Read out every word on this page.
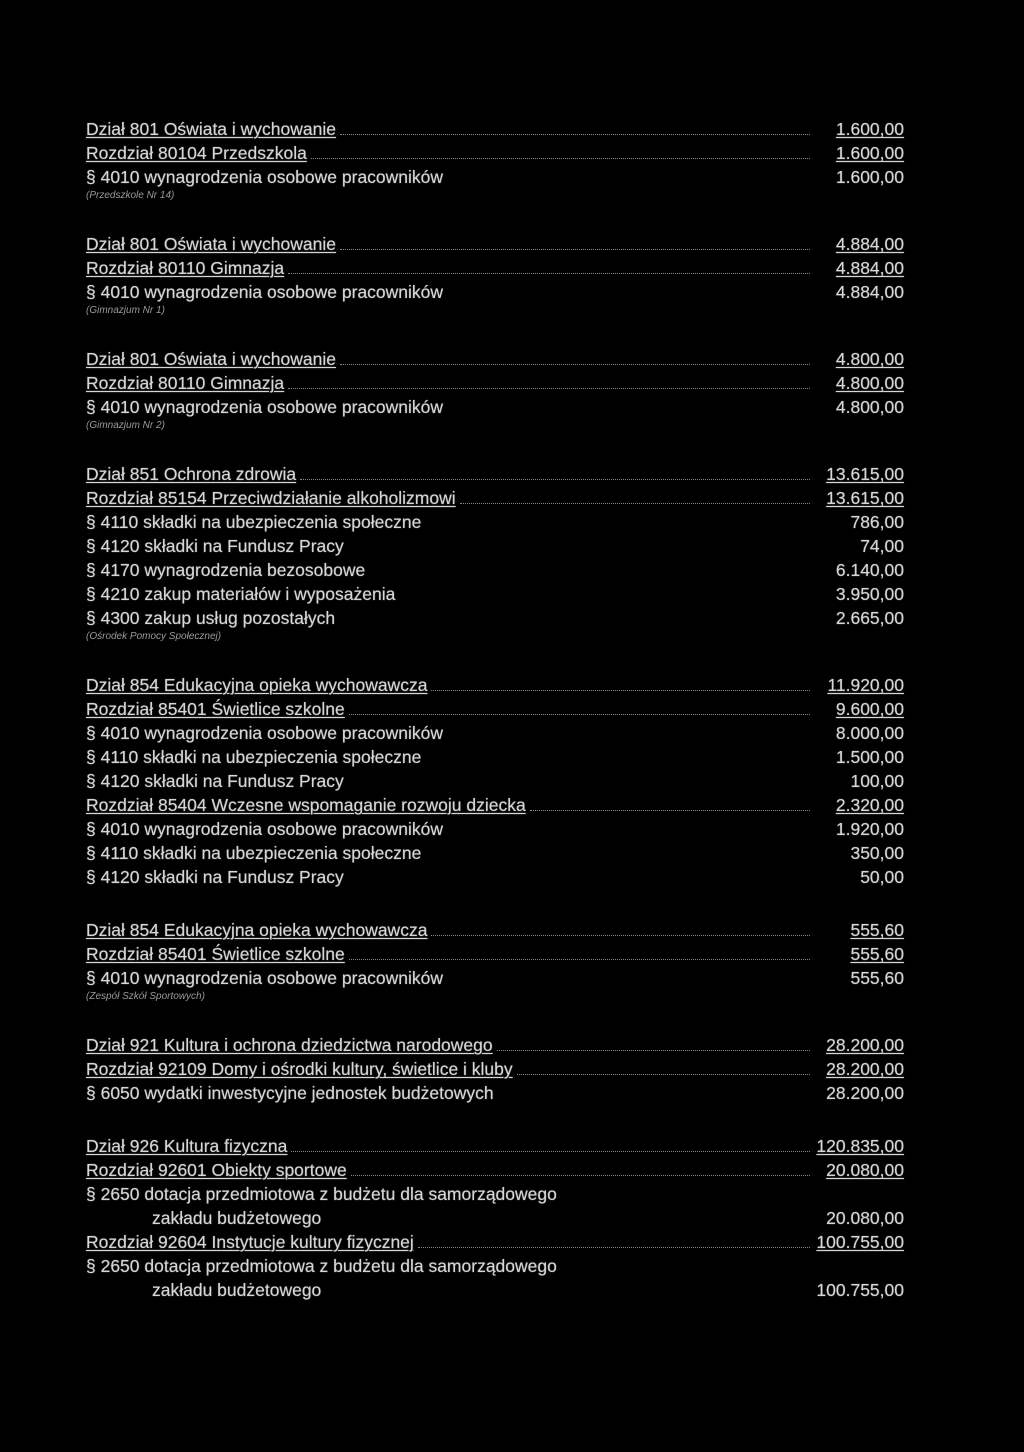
Dział 801 Oświata i wychowanie	1.600,00
Rozdział 80104 Przedszkola	1.600,00
§ 4010 wynagrodzenia osobowe pracowników	1.600,00
(Przedszkole Nr 14)
Dział 801 Oświata i wychowanie	4.884,00
Rozdział 80110 Gimnazja	4.884,00
§ 4010 wynagrodzenia osobowe pracowników	4.884,00
(Gimnazjum Nr 1)
Dział 801 Oświata i wychowanie	4.800,00
Rozdział 80110 Gimnazja	4.800,00
§ 4010 wynagrodzenia osobowe pracowników	4.800,00
(Gimnazjum Nr 2)
Dział 851 Ochrona zdrowia	13.615,00
Rozdział 85154 Przeciwdziałanie alkoholizmowi	13.615,00
§ 4110 składki na ubezpieczenia społeczne	786,00
§ 4120 składki na Fundusz Pracy	74,00
§ 4170 wynagrodzenia bezosobowe	6.140,00
§ 4210 zakup materiałów i wyposażenia	3.950,00
§ 4300 zakup usług pozostałych	2.665,00
(Ośrodek Pomocy Społecznej)
Dział 854 Edukacyjna opieka wychowawcza	11.920,00
Rozdział 85401 Świetlice szkolne	9.600,00
§ 4010 wynagrodzenia osobowe pracowników	8.000,00
§ 4110 składki na ubezpieczenia społeczne	1.500,00
§ 4120 składki na Fundusz Pracy	100,00
Rozdział 85404 Wczesne wspomaganie rozwoju dziecka	2.320,00
§ 4010 wynagrodzenia osobowe pracowników	1.920,00
§ 4110 składki na ubezpieczenia społeczne	350,00
§ 4120 składki na Fundusz Pracy	50,00
Dział 854 Edukacyjna opieka wychowawcza	555,60
Rozdział 85401 Świetlice szkolne	555,60
§ 4010 wynagrodzenia osobowe pracowników	555,60
(Zespół Szkół Sportowych)
Dział 921 Kultura i ochrona dziedzictwa narodowego	28.200,00
Rozdział 92109 Domy i ośrodki kultury, świetlice i kluby	28.200,00
§ 6050 wydatki inwestycyjne jednostek budżetowych	28.200,00
Dział 926 Kultura fizyczna	120.835,00
Rozdział 92601 Obiekty sportowe	20.080,00
§ 2650 dotacja przedmiotowa z budżetu dla samorządowego
zakładu budżetowego	20.080,00
Rozdział 92604 Instytucje kultury fizycznej	100.755,00
§ 2650 dotacja przedmiotowa z budżetu dla samorządowego
zakładu budżetowego	100.755,00
